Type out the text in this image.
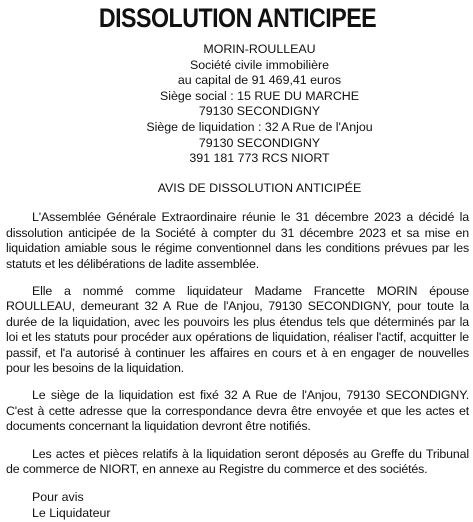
DISSOLUTION ANTICIPEE
MORIN-ROULLEAU
Société civile immobilière
au capital de 91 469,41 euros
Siège social : 15 RUE DU MARCHE
79130 SECONDIGNY
Siège de liquidation : 32 A Rue de l'Anjou
79130 SECONDIGNY
391 181 773 RCS NIORT
AVIS DE DISSOLUTION ANTICIPÉE

L'Assemblée Générale Extraordinaire réunie le 31 décembre 2023 a décidé la dissolution anticipée de la Société à compter du 31 décembre 2023 et sa mise en liquidation amiable sous le régime conventionnel dans les conditions prévues par les statuts et les délibérations de ladite assemblée.

Elle a nommé comme liquidateur Madame Francette MORIN épouse ROULLEAU, demeurant 32 A Rue de l'Anjou, 79130 SECONDIGNY, pour toute la durée de la liquidation, avec les pouvoirs les plus étendus tels que déterminés par la loi et les statuts pour procéder aux opérations de liquidation, réaliser l'actif, acquitter le passif, et l'a autorisé à continuer les affaires en cours et à en engager de nouvelles pour les besoins de la liquidation.

Le siège de la liquidation est fixé 32 A Rue de l'Anjou, 79130 SECONDIGNY. C'est à cette adresse que la correspondance devra être envoyée et que les actes et documents concernant la liquidation devront être notifiés.

Les actes et pièces relatifs à la liquidation seront déposés au Greffe du Tribunal de commerce de NIORT, en annexe au Registre du commerce et des sociétés.

Pour avis
Le Liquidateur
